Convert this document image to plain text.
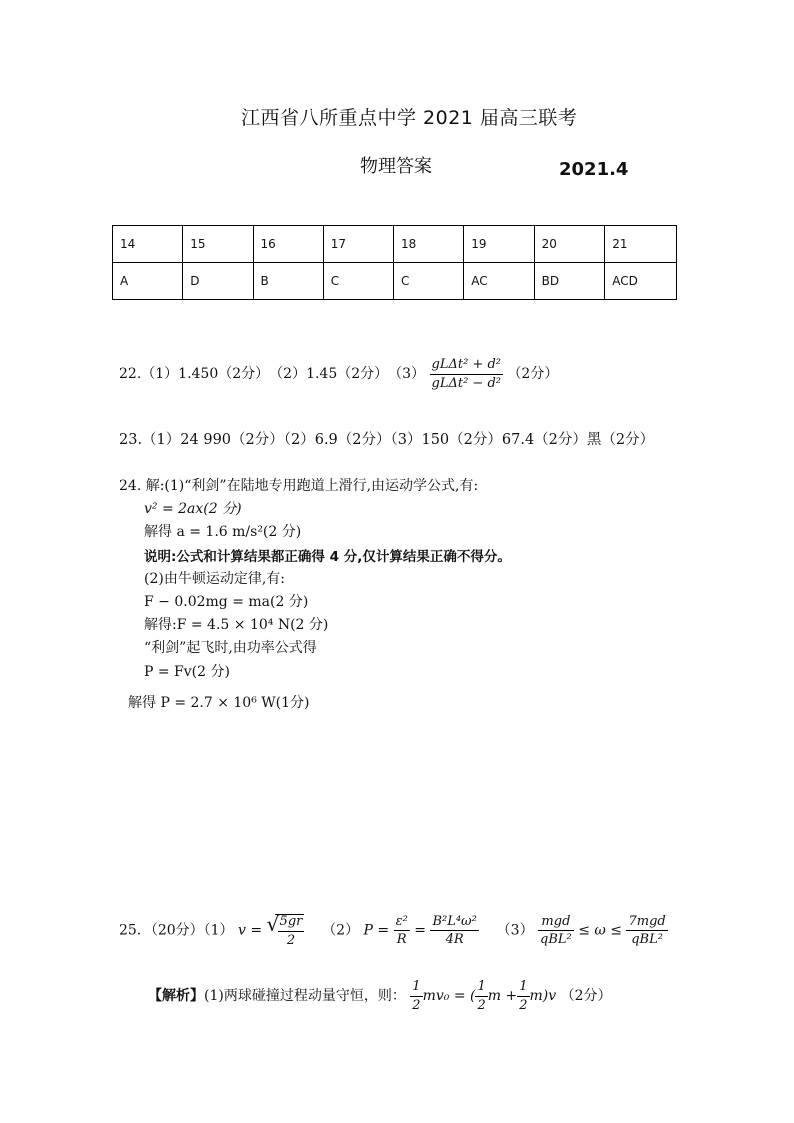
江西省八所重点中学 2021 届高三联考
物理答案	2021.4
14	15	16	17	18	19	20	21
A	D	B	C	C	AC	BD	ACD
22.（1）1.450（2分）　（2）1.45（2分）　$(3) \frac{\text{gLΔt² + d²}}{\text{gLΔt² − d²}} (2$分）
23.（1）24 990（2分）（2）6.9（2分）（3）150（2分）67.4（2分）黑（2分）
24. 解:(1)“利剑”在陆地专用跑道上滑行,由运动学公式,有:
v² = 2ax(2 分)
解得 a = 1.6 m/s²(2 分)
说明:公式和计算结果都正确得 4 分,仅计算结果正确不得分。
(2)由牛顿运动定律,有:
F − 0.02mg = ma(2 分)
解得:F = 4.5 × 10⁴ N(2 分)
“利剑”起飞时,由功率公式得
P = Fv(2 分)
解得 P = 2.7 × 10⁶ W(1分)
25．（20分）（1） v = √
$\frac{5gr}{2} (2) P = \frac{\text{ε²}}{R} = \frac{\text{B²L⁴ω²}}{4R} (3) \frac{\text{mgd}}{\text{qBL²}} \le \omega \le \frac{\text{7mgd}}{\text{qBL²}}$
【解析】(1)两球碰撞过程动量守恒，则： $\frac{1}{2} mv_0$ = ( $\frac{1}{2}$ $m + \frac{1}{2} m)v$ （2分）
